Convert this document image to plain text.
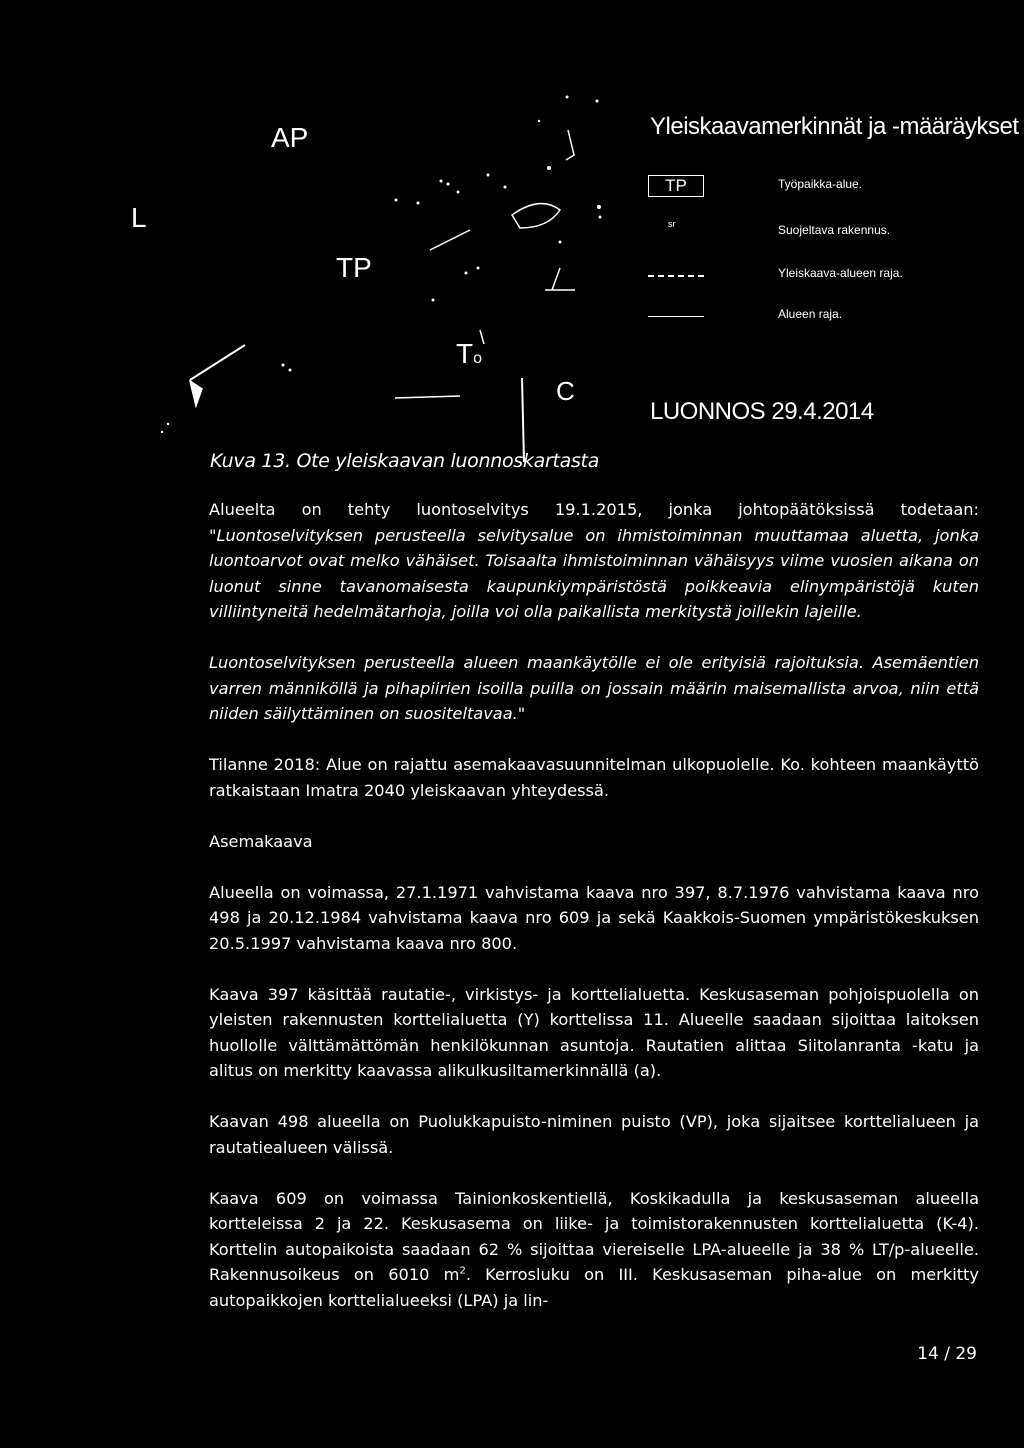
AP
L
TP
To
C
Yleiskaavamerkinnät ja -määräykset
TP	Työpaikka-alue.
sr	Suojeltava rakennus.
Yleiskaava-alueen raja.
Alueen raja.
LUONNOS 29.4.2014
Kuva 13. Ote yleiskaavan luonnoskartasta

Alueelta on tehty luontoselvitys 19.1.2015, jonka johtopäätöksissä todetaan: "Luontoselvityksen perusteella selvitysalue on ihmistoiminnan muuttamaa aluetta, jonka luontoarvot ovat melko vähäiset. Toisaalta ihmistoiminnan vähäisyys viime vuosien aikana on luonut sinne tavanomaisesta kaupunkiympäristöstä poikkeavia elinympäristöjä kuten villiintyneitä hedelmätarhoja, joilla voi olla paikallista merkitystä joillekin lajeille.

Luontoselvityksen perusteella alueen maankäytölle ei ole erityisiä rajoituksia. Asemäentien varren männiköllä ja pihapiirien isoilla puilla on jossain määrin maisemallista arvoa, niin että niiden säilyttäminen on suositeltavaa."

Tilanne 2018: Alue on rajattu asemakaavasuunnitelman ulkopuolelle. Ko. kohteen maankäyttö ratkaistaan Imatra 2040 yleiskaavan yhteydessä.

Asemakaava

Alueella on voimassa, 27.1.1971 vahvistama kaava nro 397, 8.7.1976 vahvistama kaava nro 498 ja 20.12.1984 vahvistama kaava nro 609 ja sekä Kaakkois-Suomen ympäristökeskuksen 20.5.1997 vahvistama kaava nro 800.

Kaava 397 käsittää rautatie-, virkistys- ja korttelialuetta. Keskusaseman pohjoispuolella on yleisten rakennusten korttelialuetta (Y) korttelissa 11. Alueelle saadaan sijoittaa laitoksen huollolle välttämättömän henkilökunnan asuntoja. Rautatien alittaa Siitolanranta -katu ja alitus on merkitty kaavassa alikulkusiltamerkinnällä (a).

Kaavan 498 alueella on Puolukkapuisto-niminen puisto (VP), joka sijaitsee korttelialueen ja rautatiealueen välissä.

Kaava 609 on voimassa Tainionkoskentiellä, Koskikadulla ja keskusaseman alueella kortteleissa 2 ja 22. Keskusasema on liike- ja toimistorakennusten korttelialuetta (K-4). Korttelin autopaikoista saadaan 62 % sijoittaa viereiselle LPA-alueelle ja 38 % LT/p-alueelle. Rakennusoikeus on 6010 $m^2$. Kerrosluku on III. Keskusaseman piha-alue on merkitty autopaikkojen korttelialueeksi (LPA) ja lin-

14 / 29
